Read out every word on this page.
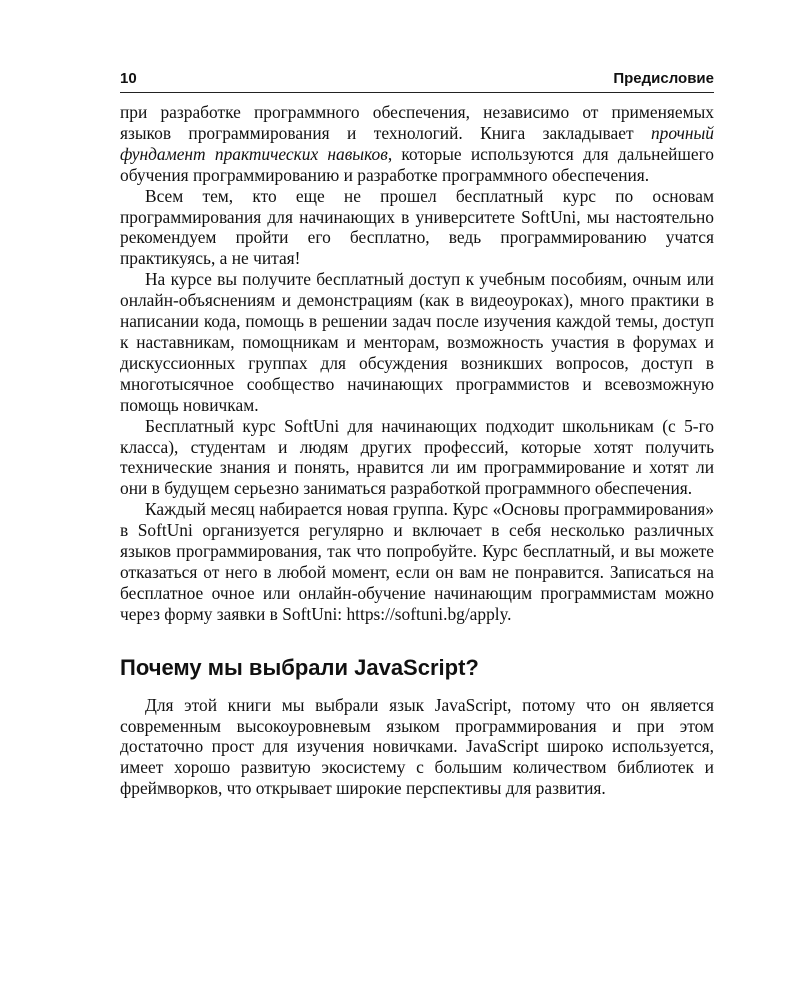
10	Предисловие

при разработке программного обеспечения, независимо от применяемых языков программирования и технологий. Книга закладывает прочный фундамент практических навыков, которые используются для дальнейшего обучения программированию и разработке программного обеспечения.

Всем тем, кто еще не прошел бесплатный курс по основам программирования для начинающих в университете SoftUni, мы настоятельно рекомендуем пройти его бесплатно, ведь программированию учатся практикуясь, а не читая!

На курсе вы получите бесплатный доступ к учебным пособиям, очным или онлайн-объяснениям и демонстрациям (как в видеоуроках), много практики в написании кода, помощь в решении задач после изучения каждой темы, доступ к наставникам, помощникам и менторам, возможность участия в форумах и дискуссионных группах для обсуждения возникших вопросов, доступ в многотысячное сообщество начинающих программистов и всевозможную помощь новичкам.

Бесплатный курс SoftUni для начинающих подходит школьникам (с 5-го класса), студентам и людям других профессий, которые хотят получить технические знания и понять, нравится ли им программирование и хотят ли они в будущем серьезно заниматься разработкой программного обеспечения.

Каждый месяц набирается новая группа. Курс «Основы программирования» в SoftUni организуется регулярно и включает в себя несколько различных языков программирования, так что попробуйте. Курс бесплатный, и вы можете отказаться от него в любой момент, если он вам не понравится. Записаться на бесплатное очное или онлайн-обучение начинающим программистам можно через форму заявки в SoftUni: https://softuni.bg/apply.

Почему мы выбрали JavaScript?

Для этой книги мы выбрали язык JavaScript, потому что он является современным высокоуровневым языком программирования и при этом достаточно прост для изучения новичками. JavaScript широко используется, имеет хорошо развитую экосистему с большим количеством библиотек и фреймворков, что открывает широкие перспективы для развития.
